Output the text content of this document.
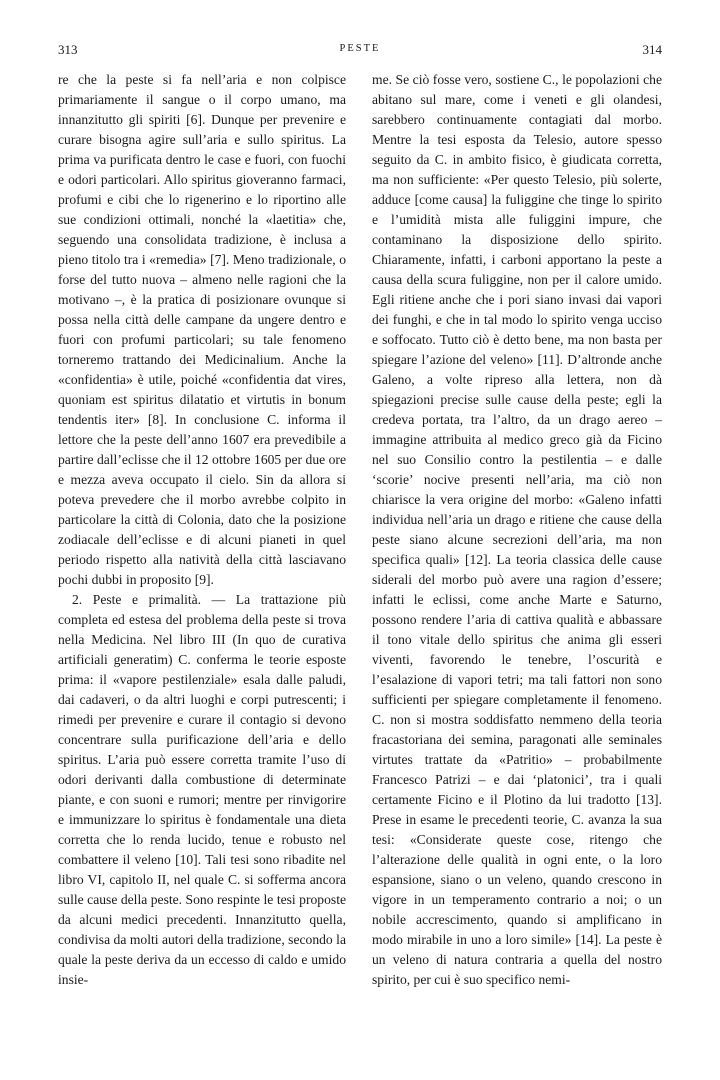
313	PESTE	314

re che la peste si fa nell’aria e non colpisce primariamente il sangue o il corpo umano, ma innanzitutto gli spiriti [6]. Dunque per prevenire e curare bisogna agire sull’aria e sullo spiritus. La prima va purificata dentro le case e fuori, con fuochi e odori particolari. Allo spiritus gioveranno farmaci, profumi e cibi che lo rigenerino e lo riportino alle sue condizioni ottimali, nonché la «laetitia» che, seguendo una consolidata tradizione, è inclusa a pieno titolo tra i «remedia» [7]. Meno tradizionale, o forse del tutto nuova – almeno nelle ragioni che la motivano –, è la pratica di posizionare ovunque si possa nella città delle campane da ungere dentro e fuori con profumi particolari; su tale fenomeno torneremo trattando dei Medicinalium. Anche la «confidentia» è utile, poiché «confidentia dat vires, quoniam est spiritus dilatatio et virtutis in bonum tendentis iter» [8]. In conclusione C. informa il lettore che la peste dell’anno 1607 era prevedibile a partire dall’eclisse che il 12 ottobre 1605 per due ore e mezza aveva occupato il cielo. Sin da allora si poteva prevedere che il morbo avrebbe colpito in particolare la città di Colonia, dato che la posizione zodiacale dell’eclisse e di alcuni pianeti in quel periodo rispetto alla natività della città lasciavano pochi dubbi in proposito [9].

2. Peste e primalità. — La trattazione più completa ed estesa del problema della peste si trova nella Medicina. Nel libro III (In quo de curativa artificiali generatim) C. conferma le teorie esposte prima: il «vapore pestilenziale» esala dalle paludi, dai cadaveri, o da altri luoghi e corpi putrescenti; i rimedi per prevenire e curare il contagio si devono concentrare sulla purificazione dell’aria e dello spiritus. L’aria può essere corretta tramite l’uso di odori derivanti dalla combustione di determinate piante, e con suoni e rumori; mentre per rinvigorire e immunizzare lo spiritus è fondamentale una dieta corretta che lo renda lucido, tenue e robusto nel combattere il veleno [10]. Tali tesi sono ribadite nel libro VI, capitolo II, nel quale C. si sofferma ancora sulle cause della peste. Sono respinte le tesi proposte da alcuni medici precedenti. Innanzitutto quella, condivisa da molti autori della tradizione, secondo la quale la peste deriva da un eccesso di caldo e umido insie-

me. Se ciò fosse vero, sostiene C., le popolazioni che abitano sul mare, come i veneti e gli olandesi, sarebbero continuamente contagiati dal morbo. Mentre la tesi esposta da Telesio, autore spesso seguito da C. in ambito fisico, è giudicata corretta, ma non sufficiente: «Per questo Telesio, più solerte, adduce [come causa] la fuliggine che tinge lo spirito e l’umidità mista alle fuliggini impure, che contaminano la disposizione dello spirito. Chiaramente, infatti, i carboni apportano la peste a causa della scura fuliggine, non per il calore umido. Egli ritiene anche che i pori siano invasi dai vapori dei funghi, e che in tal modo lo spirito venga ucciso e soffocato. Tutto ciò è detto bene, ma non basta per spiegare l’azione del veleno» [11]. D’altronde anche Galeno, a volte ripreso alla lettera, non dà spiegazioni precise sulle cause della peste; egli la credeva portata, tra l’altro, da un drago aereo – immagine attribuita al medico greco già da Ficino nel suo Consilio contro la pestilentia – e dalle ‘scorie’ nocive presenti nell’aria, ma ciò non chiarisce la vera origine del morbo: «Galeno infatti individua nell’aria un drago e ritiene che cause della peste siano alcune secrezioni dell’aria, ma non specifica quali» [12]. La teoria classica delle cause siderali del morbo può avere una ragion d’essere; infatti le eclissi, come anche Marte e Saturno, possono rendere l’aria di cattiva qualità e abbassare il tono vitale dello spiritus che anima gli esseri viventi, favorendo le tenebre, l’oscurità e l’esalazione di vapori tetri; ma tali fattori non sono sufficienti per spiegare completamente il fenomeno. C. non si mostra soddisfatto nemmeno della teoria fracastoriana dei semina, paragonati alle seminales virtutes trattate da «Patritio» – probabilmente Francesco Patrizi – e dai ‘platonici’, tra i quali certamente Ficino e il Plotino da lui tradotto [13]. Prese in esame le precedenti teorie, C. avanza la sua tesi: «Considerate queste cose, ritengo che l’alterazione delle qualità in ogni ente, o la loro espansione, siano o un veleno, quando crescono in vigore in un temperamento contrario a noi; o un nobile accrescimento, quando si amplificano in modo mirabile in uno a loro simile» [14]. La peste è un veleno di natura contraria a quella del nostro spirito, per cui è suo specifico nemi-
